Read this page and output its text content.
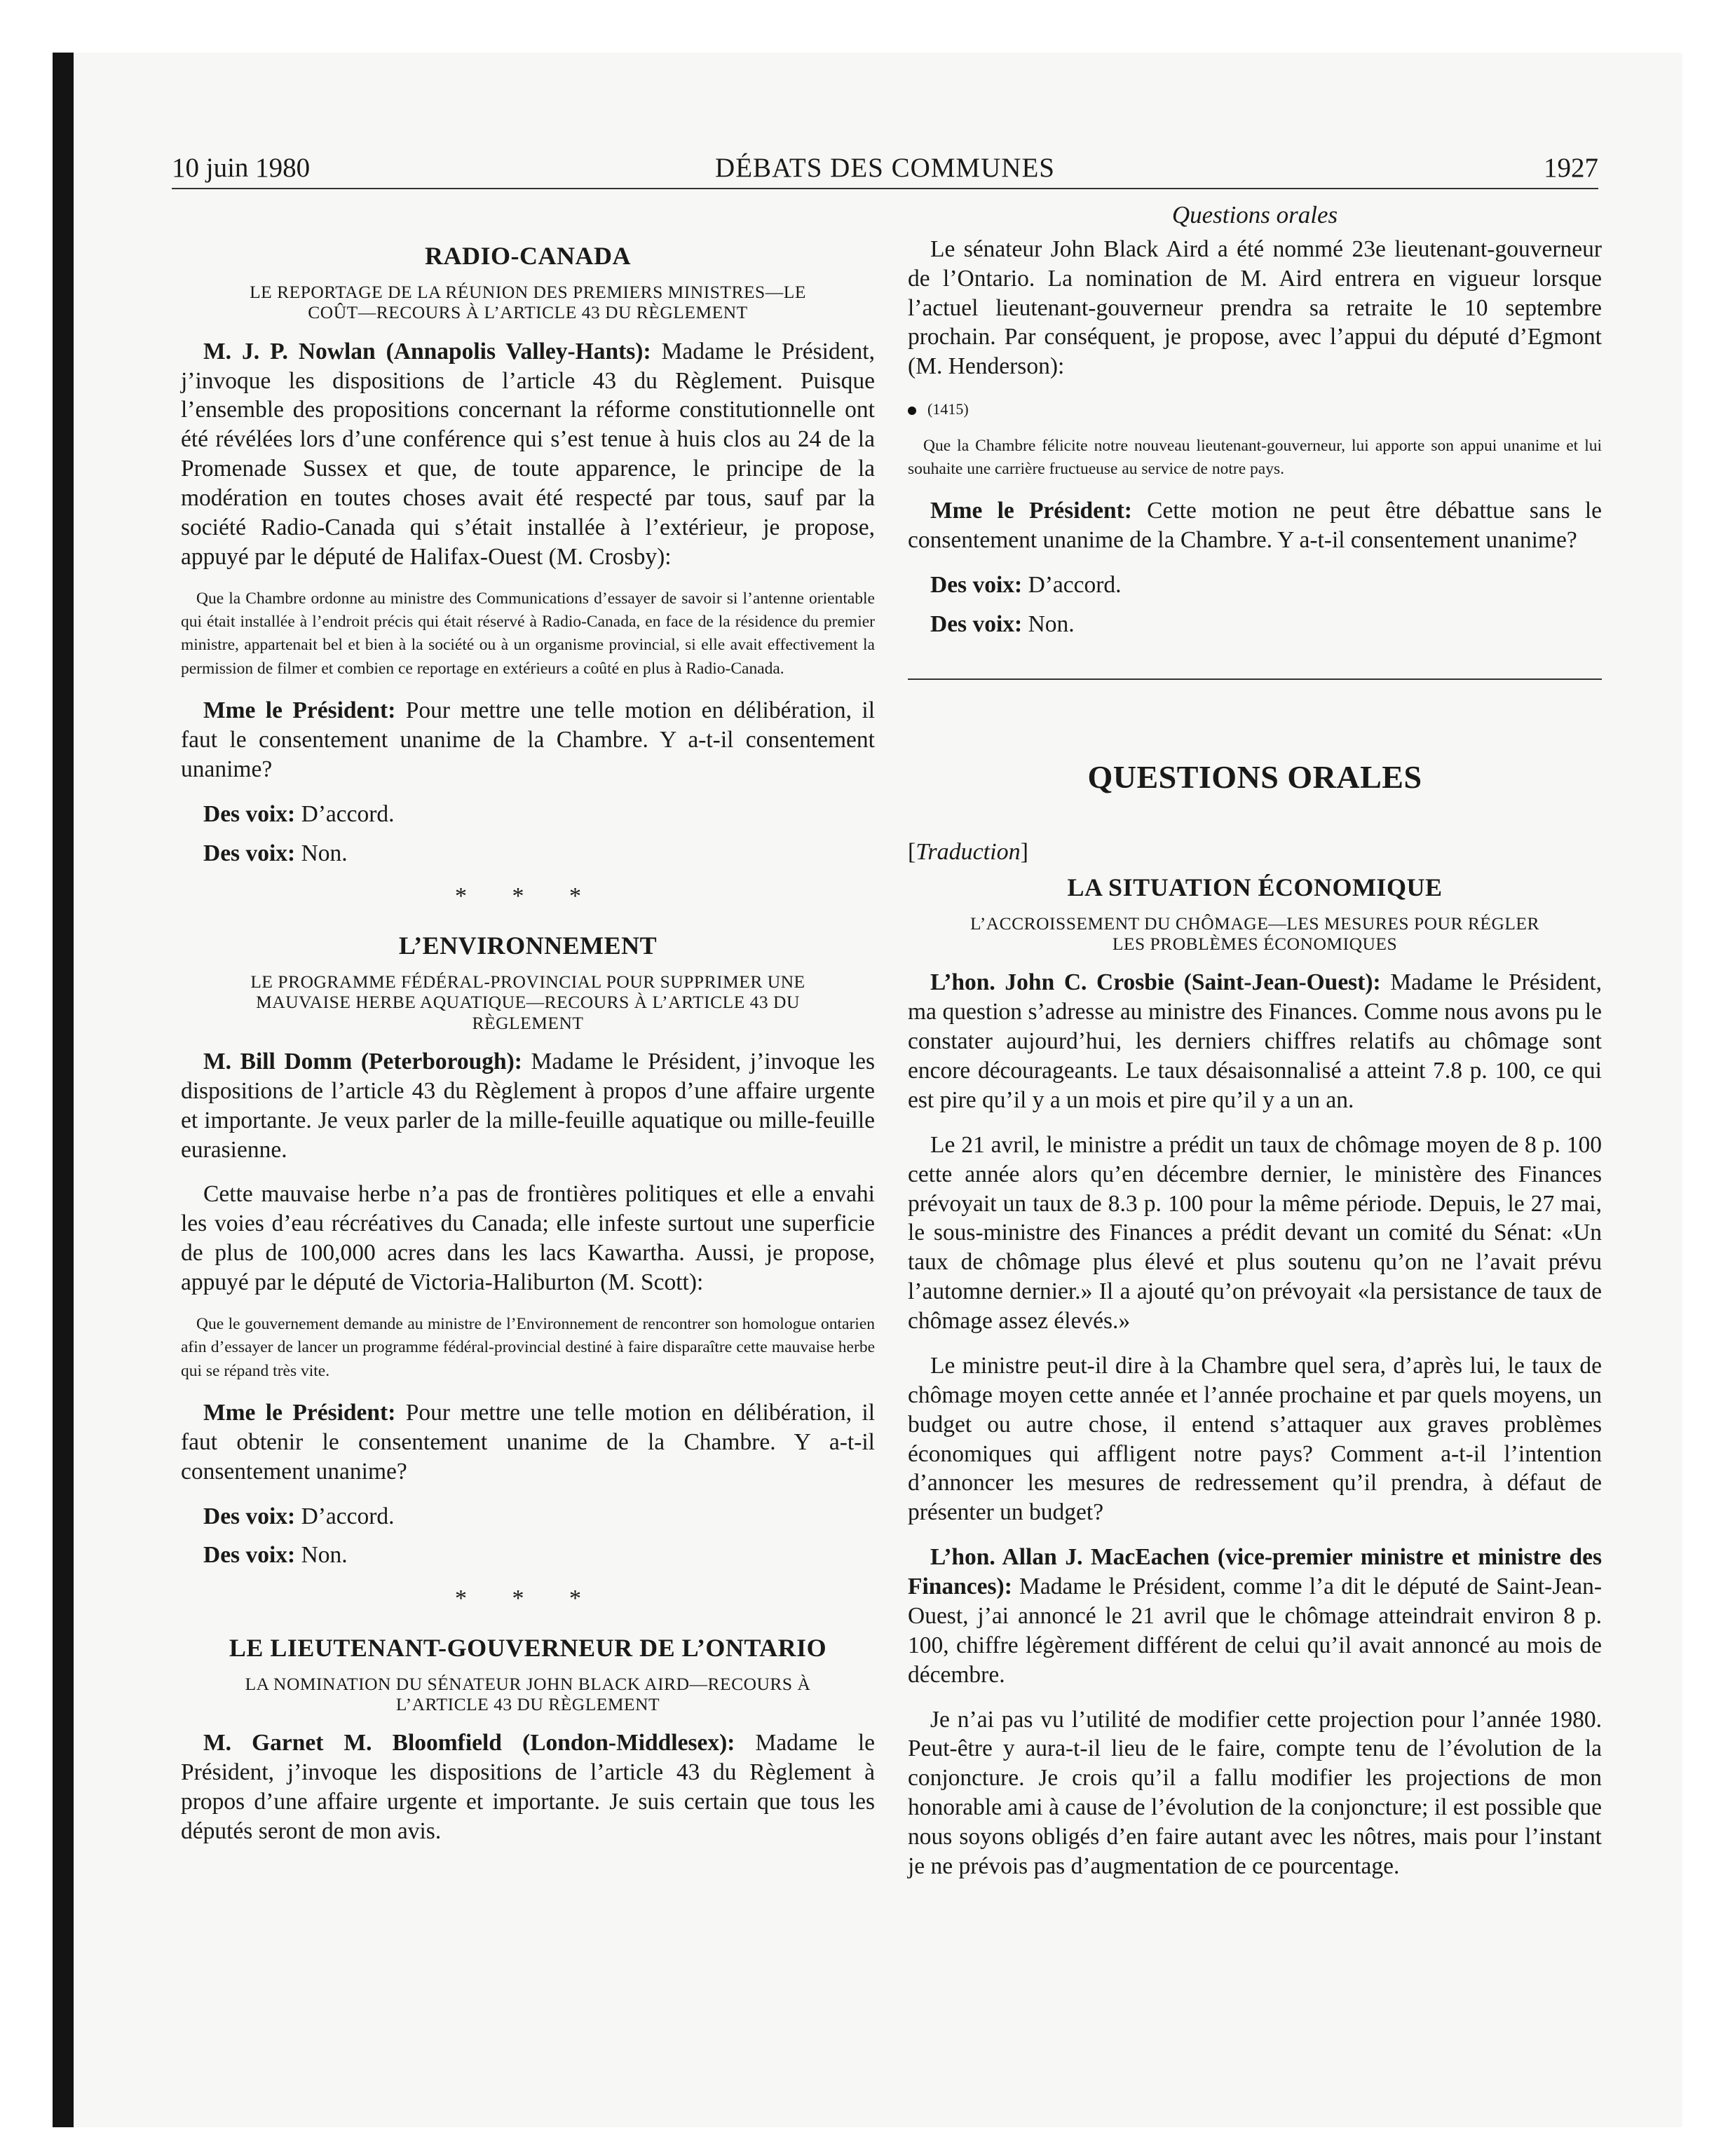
10 juin 1980	DÉBATS DES COMMUNES	1927
RADIO-CANADA
LE REPORTAGE DE LA RÉUNION DES PREMIERS MINISTRES—LE
COÛT—RECOURS À L’ARTICLE 43 DU RÈGLEMENT

M. J. P. Nowlan (Annapolis Valley-Hants): Madame le Président, j’invoque les dispositions de l’article 43 du Règlement. Puisque l’ensemble des propositions concernant la réforme constitutionnelle ont été révélées lors d’une conférence qui s’est tenue à huis clos au 24 de la Promenade Sussex et que, de toute apparence, le principe de la modération en toutes choses avait été respecté par tous, sauf par la société Radio-Canada qui s’était installée à l’extérieur, je propose, appuyé par le député de Halifax-Ouest (M. Crosby):

Que la Chambre ordonne au ministre des Communications d’essayer de savoir si l’antenne orientable qui était installée à l’endroit précis qui était réservé à Radio-Canada, en face de la résidence du premier ministre, appartenait bel et bien à la société ou à un organisme provincial, si elle avait effectivement la permission de filmer et combien ce reportage en extérieurs a coûté en plus à Radio-Canada.

Mme le Président: Pour mettre une telle motion en délibération, il faut le consentement unanime de la Chambre. Y a-t-il consentement unanime?

Des voix: D’accord.

Des voix: Non.

* * *
L’ENVIRONNEMENT
LE PROGRAMME FÉDÉRAL-PROVINCIAL POUR SUPPRIMER UNE
MAUVAISE HERBE AQUATIQUE—RECOURS À L’ARTICLE 43 DU
RÈGLEMENT

M. Bill Domm (Peterborough): Madame le Président, j’invoque les dispositions de l’article 43 du Règlement à propos d’une affaire urgente et importante. Je veux parler de la mille-feuille aquatique ou mille-feuille eurasienne.

Cette mauvaise herbe n’a pas de frontières politiques et elle a envahi les voies d’eau récréatives du Canada; elle infeste surtout une superficie de plus de 100,000 acres dans les lacs Kawartha. Aussi, je propose, appuyé par le député de Victoria-Haliburton (M. Scott):

Que le gouvernement demande au ministre de l’Environnement de rencontrer son homologue ontarien afin d’essayer de lancer un programme fédéral-provincial destiné à faire disparaître cette mauvaise herbe qui se répand très vite.

Mme le Président: Pour mettre une telle motion en délibération, il faut obtenir le consentement unanime de la Chambre. Y a-t-il consentement unanime?

Des voix: D’accord.

Des voix: Non.

* * *
LE LIEUTENANT-GOUVERNEUR DE L’ONTARIO
LA NOMINATION DU SÉNATEUR JOHN BLACK AIRD—RECOURS À
L’ARTICLE 43 DU RÈGLEMENT

M. Garnet M. Bloomfield (London-Middlesex): Madame le Président, j’invoque les dispositions de l’article 43 du Règlement à propos d’une affaire urgente et importante. Je suis certain que tous les députés seront de mon avis.

Questions orales

Le sénateur John Black Aird a été nommé 23e lieutenant-gouverneur de l’Ontario. La nomination de M. Aird entrera en vigueur lorsque l’actuel lieutenant-gouverneur prendra sa retraite le 10 septembre prochain. Par conséquent, je propose, avec l’appui du député d’Egmont (M. Henderson):

(1415)
Que la Chambre félicite notre nouveau lieutenant-gouverneur, lui apporte son appui unanime et lui souhaite une carrière fructueuse au service de notre pays.

Mme le Président: Cette motion ne peut être débattue sans le consentement unanime de la Chambre. Y a-t-il consentement unanime?

Des voix: D’accord.

Des voix: Non.

QUESTIONS ORALES
[Traduction]
LA SITUATION ÉCONOMIQUE
L’ACCROISSEMENT DU CHÔMAGE—LES MESURES POUR RÉGLER
LES PROBLÈMES ÉCONOMIQUES

L’hon. John C. Crosbie (Saint-Jean-Ouest): Madame le Président, ma question s’adresse au ministre des Finances. Comme nous avons pu le constater aujourd’hui, les derniers chiffres relatifs au chômage sont encore décourageants. Le taux désaisonnalisé a atteint 7.8 p. 100, ce qui est pire qu’il y a un mois et pire qu’il y a un an.

Le 21 avril, le ministre a prédit un taux de chômage moyen de 8 p. 100 cette année alors qu’en décembre dernier, le ministère des Finances prévoyait un taux de 8.3 p. 100 pour la même période. Depuis, le 27 mai, le sous-ministre des Finances a prédit devant un comité du Sénat: «Un taux de chômage plus élevé et plus soutenu qu’on ne l’avait prévu l’automne dernier.» Il a ajouté qu’on prévoyait «la persistance de taux de chômage assez élevés.»

Le ministre peut-il dire à la Chambre quel sera, d’après lui, le taux de chômage moyen cette année et l’année prochaine et par quels moyens, un budget ou autre chose, il entend s’attaquer aux graves problèmes économiques qui affligent notre pays? Comment a-t-il l’intention d’annoncer les mesures de redressement qu’il prendra, à défaut de présenter un budget?

L’hon. Allan J. MacEachen (vice-premier ministre et ministre des Finances): Madame le Président, comme l’a dit le député de Saint-Jean-Ouest, j’ai annoncé le 21 avril que le chômage atteindrait environ 8 p. 100, chiffre légèrement différent de celui qu’il avait annoncé au mois de décembre.

Je n’ai pas vu l’utilité de modifier cette projection pour l’année 1980. Peut-être y aura-t-il lieu de le faire, compte tenu de l’évolution de la conjoncture. Je crois qu’il a fallu modifier les projections de mon honorable ami à cause de l’évolution de la conjoncture; il est possible que nous soyons obligés d’en faire autant avec les nôtres, mais pour l’instant je ne prévois pas d’augmentation de ce pourcentage.
